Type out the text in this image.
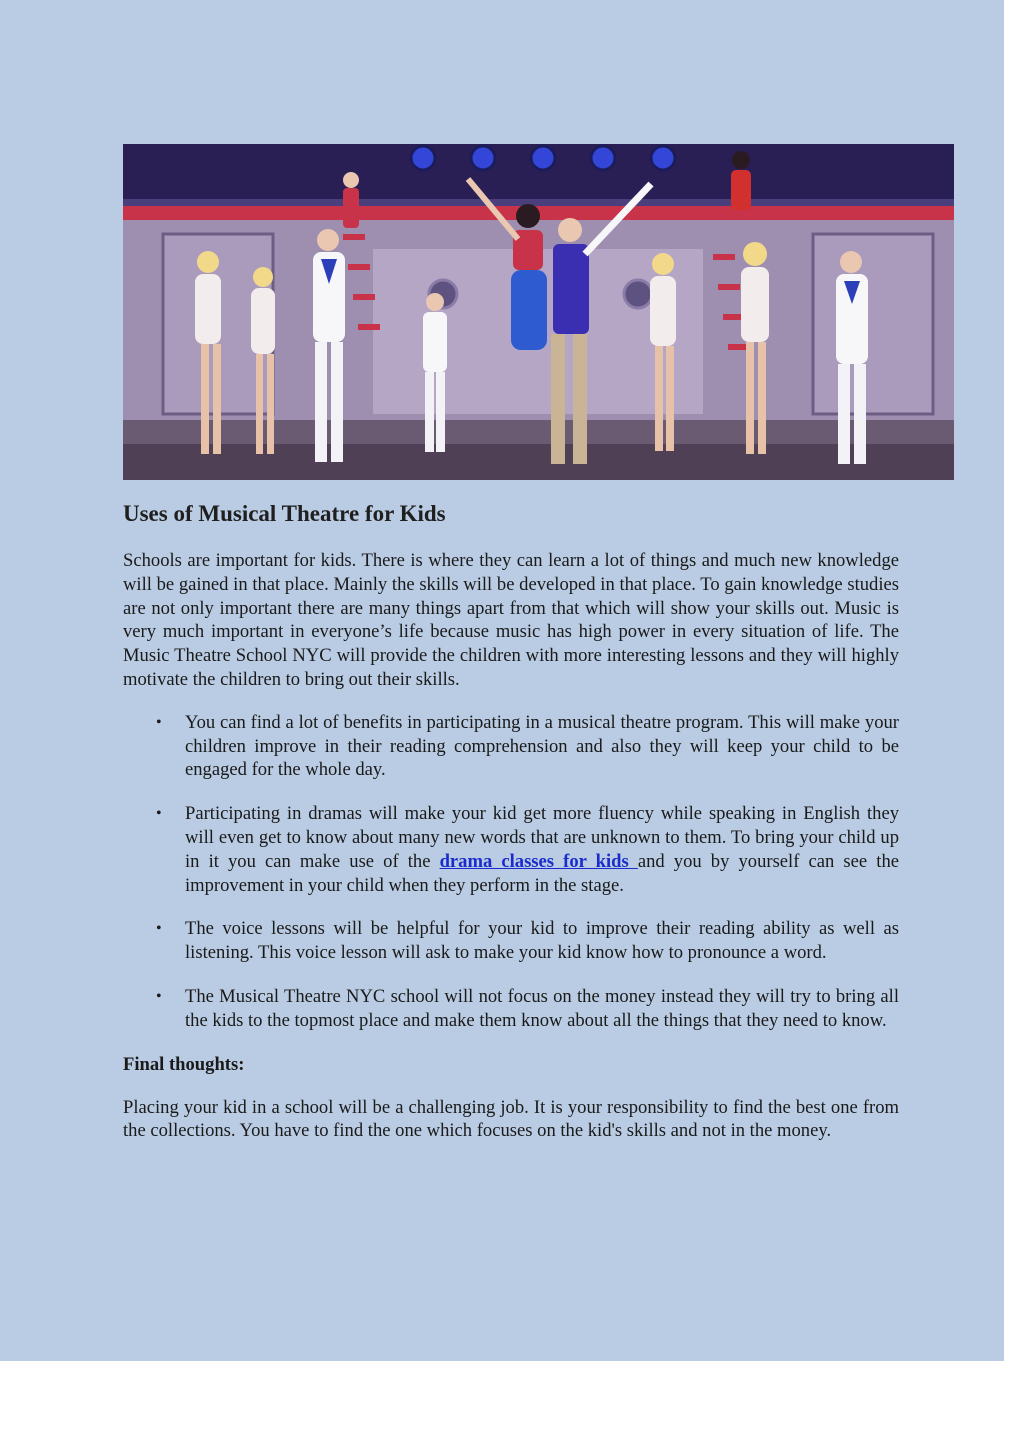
Uses of Musical Theatre for Kids

Schools are important for kids. There is where they can learn a lot of things and much new knowledge will be gained in that place. Mainly the skills will be developed in that place. To gain knowledge studies are not only important there are many things apart from that which will show your skills out. Music is very much important in everyone’s life because music has high power in every situation of life. The Music Theatre School NYC will provide the children with more interesting lessons and they will highly motivate the children to bring out their skills.

• You can find a lot of benefits in participating in a musical theatre program. This will make your children improve in their reading comprehension and also they will keep your child to be engaged for the whole day.
• Participating in dramas will make your kid get more fluency while speaking in English they will even get to know about many new words that are unknown to them. To bring your child up in it you can make use of the drama classes for kids and you by yourself can see the improvement in your child when they perform in the stage.
• The voice lessons will be helpful for your kid to improve their reading ability as well as listening. This voice lesson will ask to make your kid know how to pronounce a word.
• The Musical Theatre NYC school will not focus on the money instead they will try to bring all the kids to the topmost place and make them know about all the things that they need to know.
Final thoughts:

Placing your kid in a school will be a challenging job. It is your responsibility to find the best one from the collections. You have to find the one which focuses on the kid's skills and not in the money.
